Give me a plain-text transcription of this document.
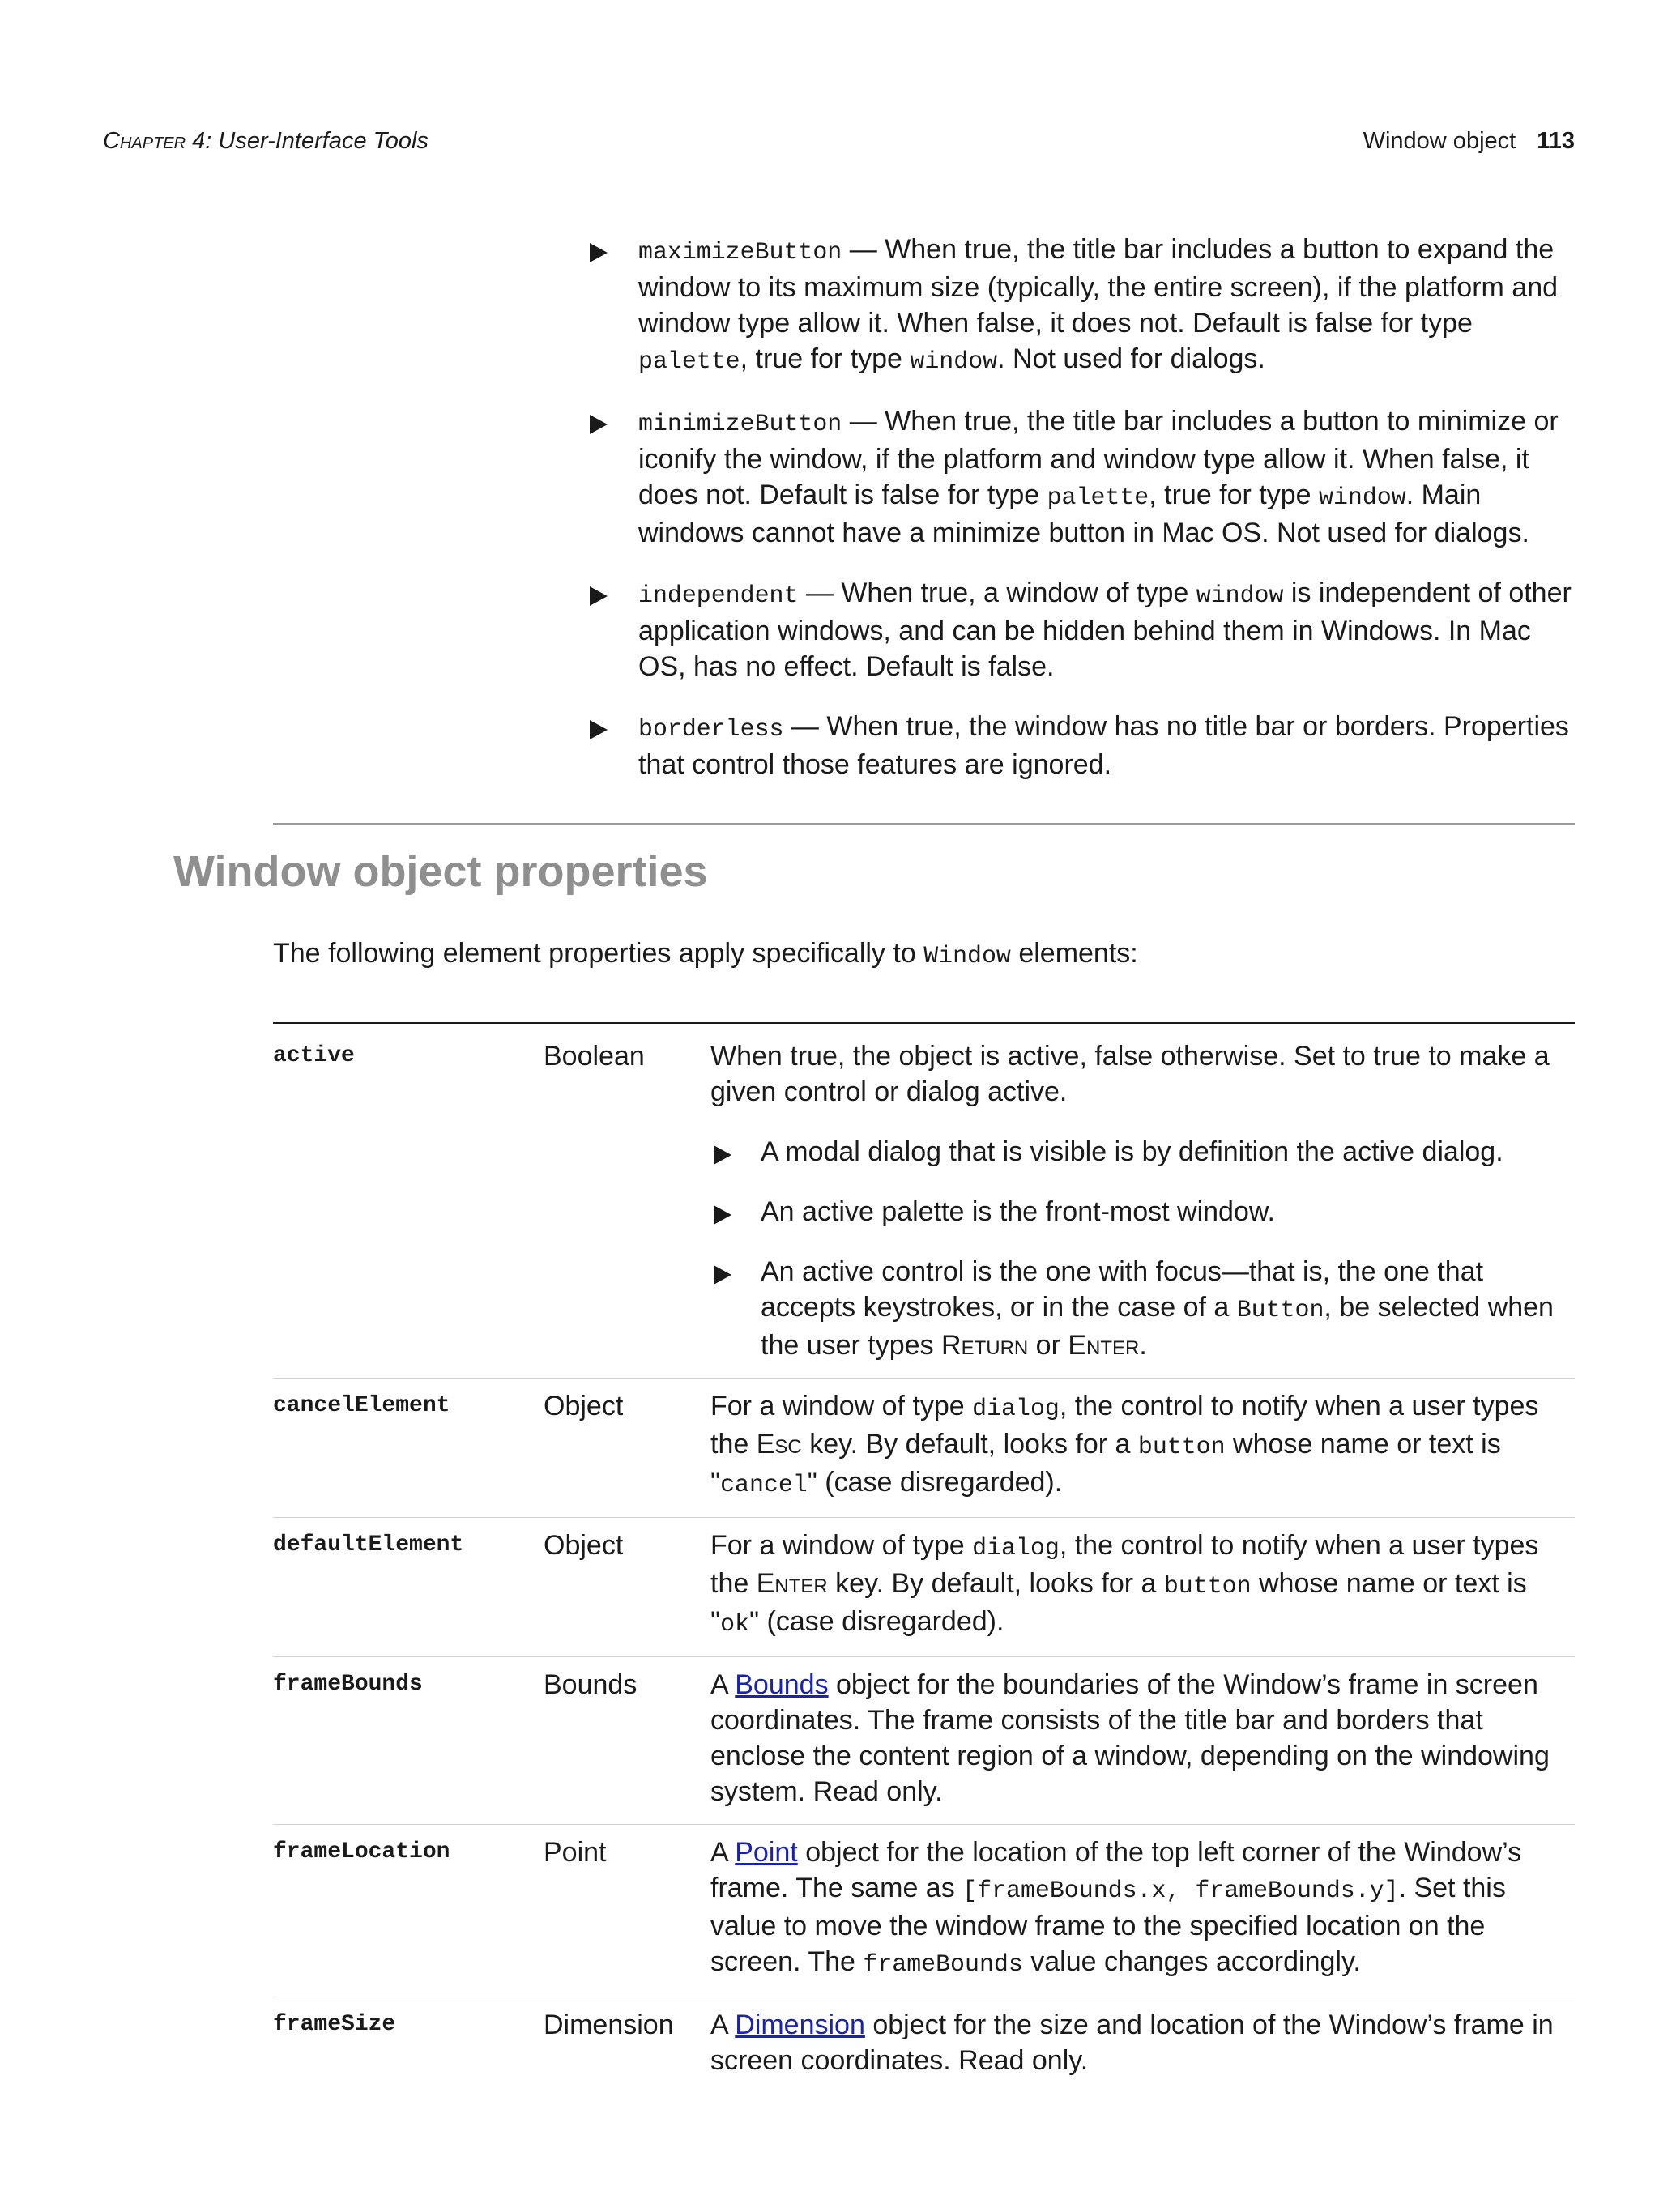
Chapter 4: User-Interface Tools	Window object 113
maximizeButton — When true, the title bar includes a button to expand the window to its maximum size (typically, the entire screen), if the platform and window type allow it. When false, it does not. Default is false for type palette, true for type window. Not used for dialogs.
minimizeButton — When true, the title bar includes a button to minimize or iconify the window, if the platform and window type allow it. When false, it does not. Default is false for type palette, true for type window. Main windows cannot have a minimize button in Mac OS. Not used for dialogs.
independent — When true, a window of type window is independent of other application windows, and can be hidden behind them in Windows. In Mac OS, has no effect. Default is false.
borderless — When true, the window has no title bar or borders. Properties that control those features are ignored.
Window object properties
The following element properties apply specifically to Window elements:
active	Boolean	When true, the object is active, false otherwise. Set to true to make a given control or dialog active.

A modal dialog that is visible is by definition the active dialog.
An active palette is the front-most window.
An active control is the one with focus—that is, the one that accepts keystrokes, or in the case of a Button, be selected when the user types Return or Enter.
cancelElement	Object	For a window of type dialog, the control to notify when a user types the Esc key. By default, looks for a button whose name or text is "cancel" (case disregarded).
defaultElement	Object	For a window of type dialog, the control to notify when a user types the Enter key. By default, looks for a button whose name or text is "ok" (case disregarded).
frameBounds	Bounds	A Bounds object for the boundaries of the Window’s frame in screen coordinates. The frame consists of the title bar and borders that enclose the content region of a window, depending on the windowing system. Read only.
frameLocation	Point	A Point object for the location of the top left corner of the Window’s frame. The same as [frameBounds.x, frameBounds.y]. Set this value to move the window frame to the specified location on the screen. The frameBounds value changes accordingly.
frameSize	Dimension	A Dimension object for the size and location of the Window’s frame in screen coordinates. Read only.
